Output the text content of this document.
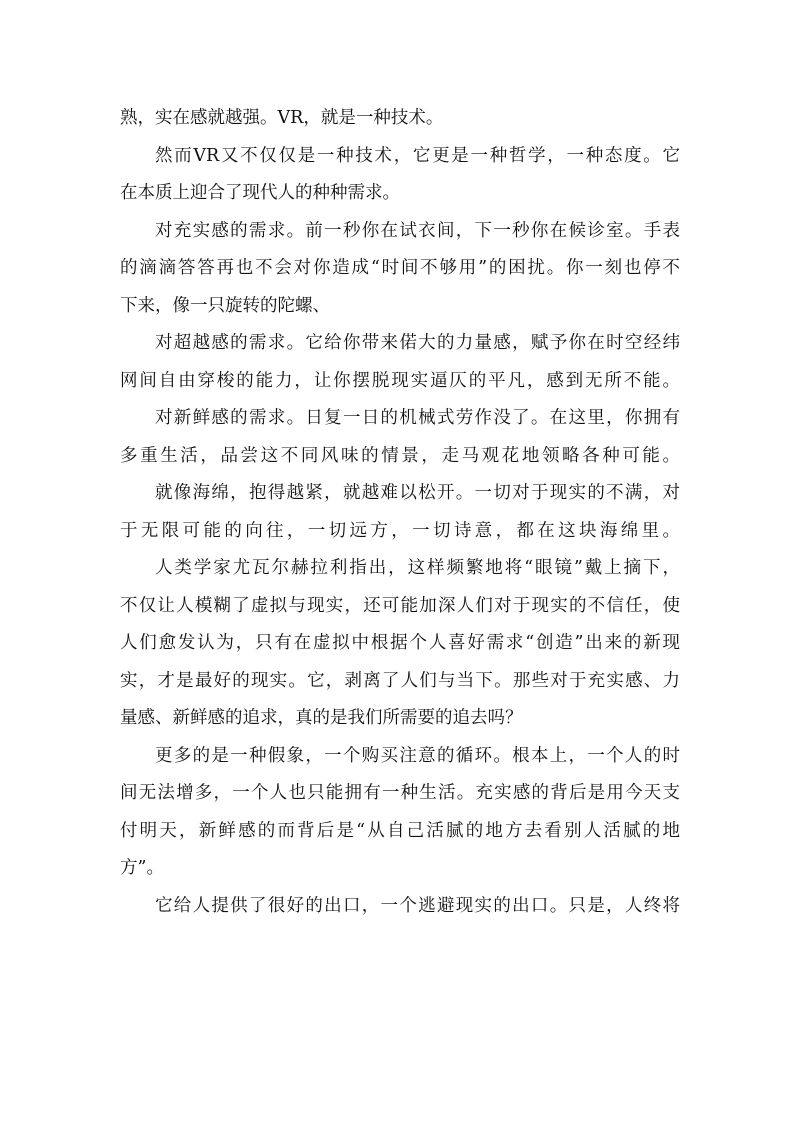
熟，实在感就越强。VR，就是一种技术。
然而VR又不仅仅是一种技术，它更是一种哲学，一种态度。它
在本质上迎合了现代人的种种需求。
对充实感的需求。前一秒你在试衣间，下一秒你在候诊室。手表
的滴滴答答再也不会对你造成“时间不够用”的困扰。你一刻也停不
下来，像一只旋转的陀螺、
对超越感的需求。它给你带来偌大的力量感，赋予你在时空经纬
网间自由穿梭的能力，让你摆脱现实逼仄的平凡，感到无所不能。
对新鲜感的需求。日复一日的机械式劳作没了。在这里，你拥有
多重生活，品尝这不同风味的情景，走马观花地领略各种可能。
就像海绵，抱得越紧，就越难以松开。一切对于现实的不满，对
于无限可能的向往，一切远方，一切诗意，都在这块海绵里。
人类学家尤瓦尔赫拉利指出，这样频繁地将“眼镜”戴上摘下，
不仅让人模糊了虚拟与现实，还可能加深人们对于现实的不信任，使
人们愈发认为，只有在虚拟中根据个人喜好需求“创造”出来的新现
实，才是最好的现实。它，剥离了人们与当下。那些对于充实感、力
量感、新鲜感的追求，真的是我们所需要的追去吗？
更多的是一种假象，一个购买注意的循环。根本上，一个人的时
间无法增多，一个人也只能拥有一种生活。充实感的背后是用今天支
付明天，新鲜感的而背后是“从自己活腻的地方去看别人活腻的地
方”。
它给人提供了很好的出口，一个逃避现实的出口。只是，人终将
